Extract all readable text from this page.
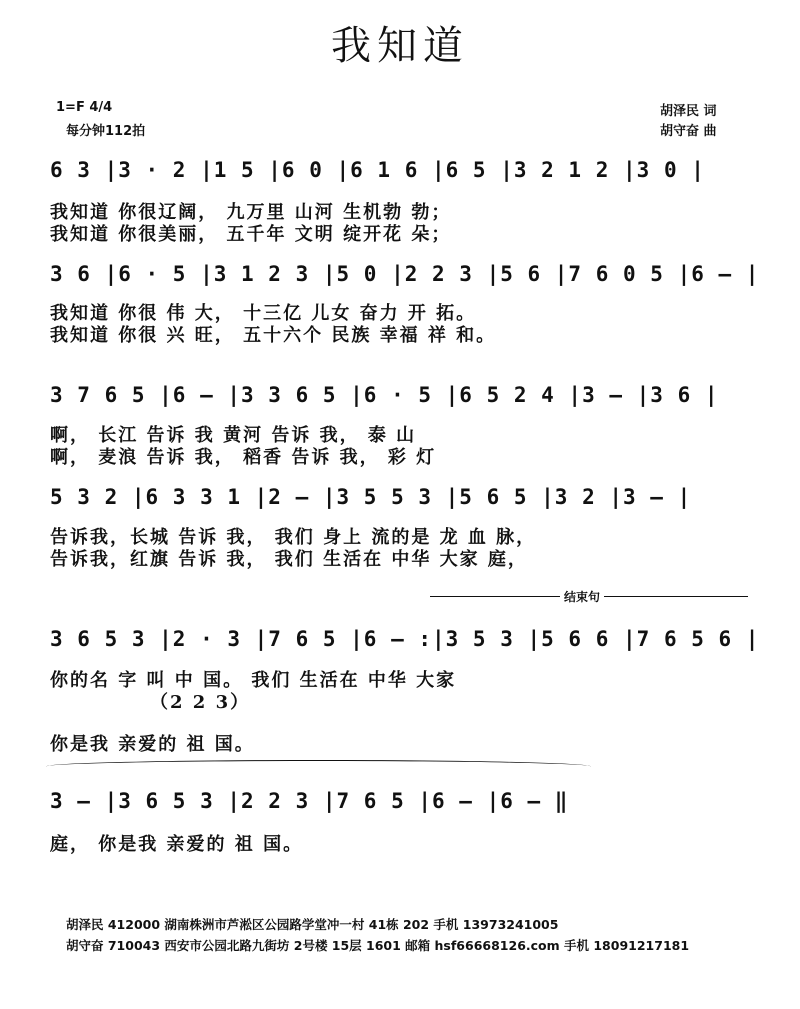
我知道
1=F 4/4
每分钟112拍
胡泽民 词
胡守奋 曲
6 3 |3 · 2 |1 5 |6 0 |6 1 6 |6 5 |3 2 1 2 |3 0 |
我知道 你很辽阔， 九万里 山河 生机勃 勃；
我知道 你很美丽， 五千年 文明 绽开花 朵；
3 6 |6 · 5 |3 1 2 3 |5 0 |2 2 3 |5 6 |7 6 0 5 |6 — |
我知道 你很 伟 大， 十三亿 儿女 奋力 开 拓。
我知道 你很 兴 旺， 五十六个 民族 幸福 祥 和。
3 7 6 5 |6 — |3 3 6 5 |6 · 5 |6 5 2 4 |3 — |3 6 |
啊， 长江 告诉 我 黄河 告诉 我， 泰 山
啊， 麦浪 告诉 我， 稻香 告诉 我， 彩 灯
5 3 2 |6 3 3 1 |2 — |3 5 5 3 |5 6 5 |3 2 |3 — |
告诉我，长城 告诉 我， 我们 身上 流的是 龙 血 脉，
告诉我，红旗 告诉 我， 我们 生活在 中华 大家 庭，
结束句
3 6 5 3 |2 · 3 |7 6 5 |6 — :|3 5 3 |5 6 6 |7 6 5 6 |
你的名 字 叫 中 国。 我们 生活在 中华 大家
（2 2 3）
你是我 亲爱的 祖 国。
3 — |3 6 5 3 |2 2 3 |7 6 5 |6 — |6 — ‖
庭， 你是我 亲爱的 祖 国。
胡泽民 412000 湖南株洲市芦淞区公园路学堂冲一村 41栋 202 手机 13973241005
胡守奋 710043 西安市公园北路九街坊 2号楼 15层 1601 邮箱 hsf66668126.com 手机 18091217181
